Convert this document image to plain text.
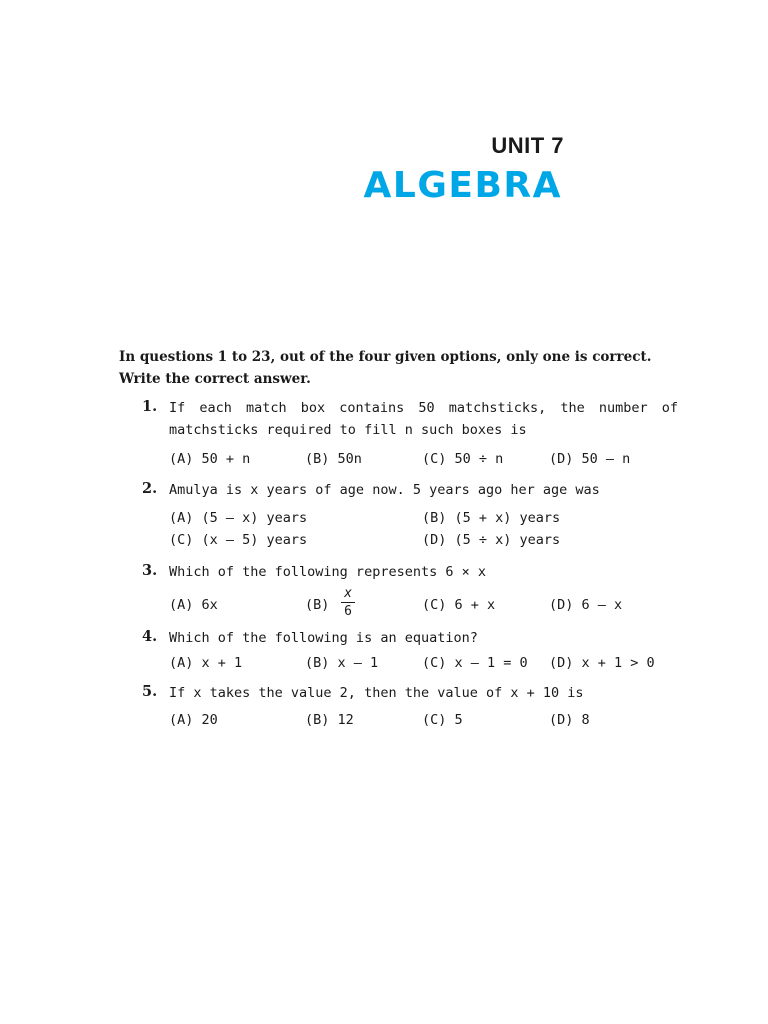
UNIT 7
ALGEBRA
In questions 1 to 23, out of the four given options, only one is correct.
Write the correct answer.
1. If each match box contains 50 matchsticks, the number of
matchsticks required to fill n such boxes is
(A) 50 + n	(B) 50n	(C) 50 ÷ n	(D) 50 – n
2. Amulya is x years of age now. 5 years ago her age was
(A) (5 – x) years	(B) (5 + x) years
(C) (x – 5) years	(D) (5 ÷ x) years
3. Which of the following represents 6 × x
(A) 6x	(B)
x
6	(C) 6 + x	(D) 6 – x
4. Which of the following is an equation?
(A) x + 1	(B) x – 1	(C) x – 1 = 0 (D) x + 1 > 0
5. If x takes the value 2, then the value of x + 10 is
(A) 20	(B) 12	(C) 5	(D) 8
